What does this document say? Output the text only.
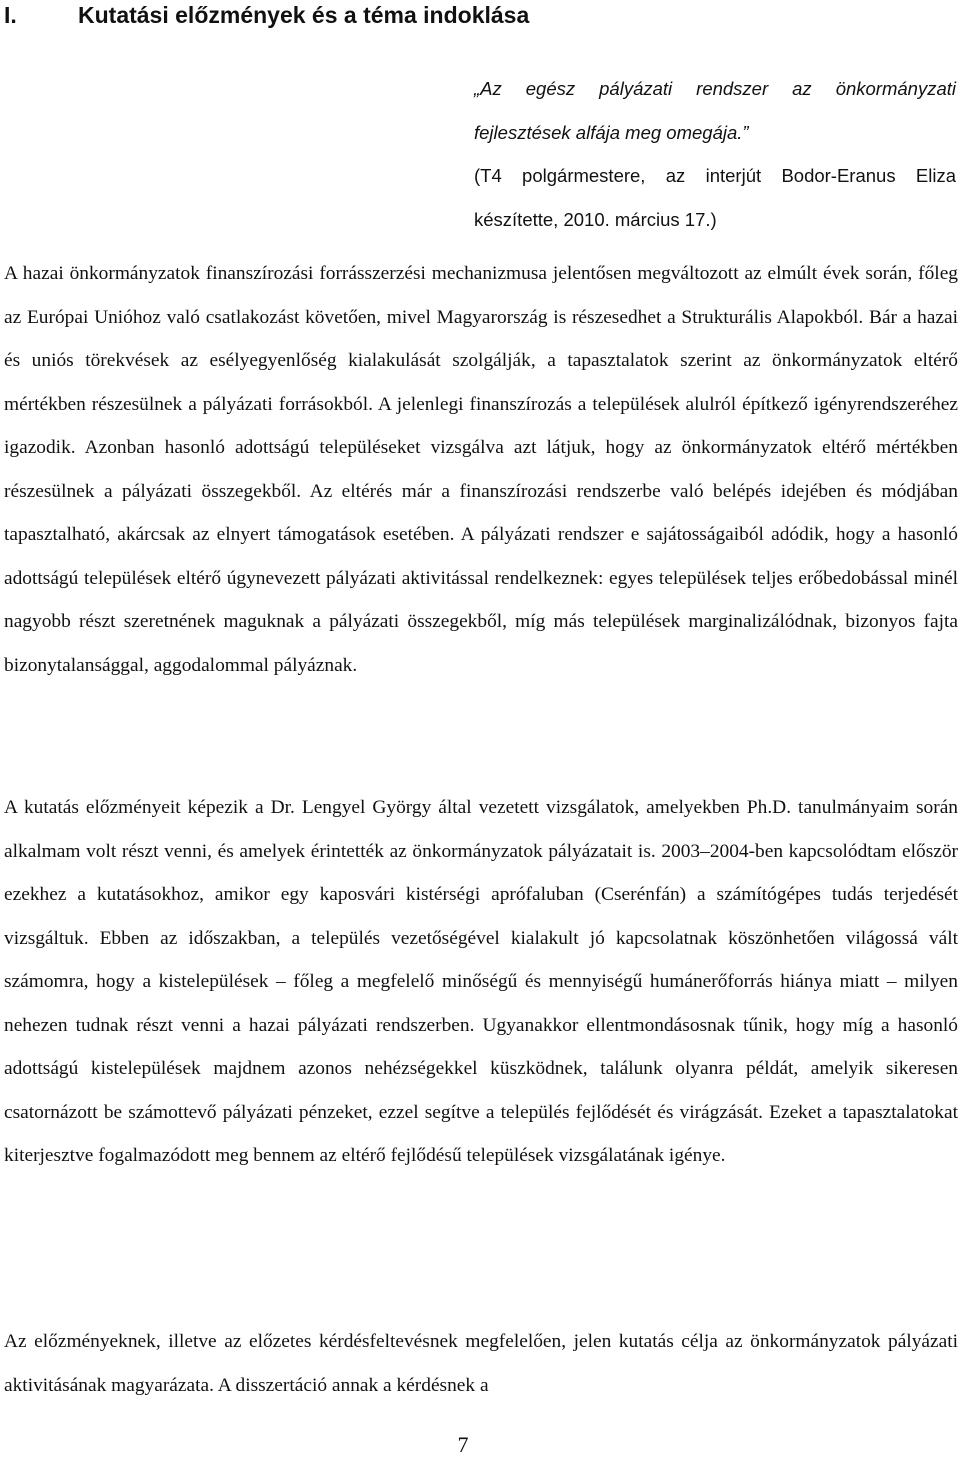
I.	Kutatási előzmények és a téma indoklása
„Az egész pályázati rendszer az önkormányzati fejlesztések alfája meg omegája.”
(T4 polgármestere, az interjút Bodor-Eranus Eliza készítette, 2010. március 17.)

A hazai önkormányzatok finanszírozási forrásszerzési mechanizmusa jelentősen megváltozott az elmúlt évek során, főleg az Európai Unióhoz való csatlakozást követően, mivel Magyarország is részesedhet a Strukturális Alapokból. Bár a hazai és uniós törekvések az esélyegyenlőség kialakulását szolgálják, a tapasztalatok szerint az önkormányzatok eltérő mértékben részesülnek a pályázati forrásokból. A jelenlegi finanszírozás a települések alulról építkező igényrendszeréhez igazodik. Azonban hasonló adottságú településeket vizsgálva azt látjuk, hogy az önkormányzatok eltérő mértékben részesülnek a pályázati összegekből. Az eltérés már a finanszírozási rendszerbe való belépés idejében és módjában tapasztalható, akárcsak az elnyert támogatások esetében. A pályázati rendszer e sajátosságaiból adódik, hogy a hasonló adottságú települések eltérő úgynevezett pályázati aktivitással rendelkeznek: egyes települések teljes erőbedobással minél nagyobb részt szeretnének maguknak a pályázati összegekből, míg más települések marginalizálódnak, bizonyos fajta bizonytalansággal, aggodalommal pályáznak.

A kutatás előzményeit képezik a Dr. Lengyel György által vezetett vizsgálatok, amelyekben Ph.D. tanulmányaim során alkalmam volt részt venni, és amelyek érintették az önkormányzatok pályázatait is. 2003–2004-ben kapcsolódtam először ezekhez a kutatásokhoz, amikor egy kaposvári kistérségi aprófaluban (Cserénfán) a számítógépes tudás terjedését vizsgáltuk. Ebben az időszakban, a település vezetőségével kialakult jó kapcsolatnak köszönhetően világossá vált számomra, hogy a kistelepülések – főleg a megfelelő minőségű és mennyiségű humánerőforrás hiánya miatt – milyen nehezen tudnak részt venni a hazai pályázati rendszerben. Ugyanakkor ellentmondásosnak tűnik, hogy míg a hasonló adottságú kistelepülések majdnem azonos nehézségekkel küszködnek, találunk olyanra példát, amelyik sikeresen csatornázott be számottevő pályázati pénzeket, ezzel segítve a település fejlődését és virágzását. Ezeket a tapasztalatokat kiterjesztve fogalmazódott meg bennem az eltérő fejlődésű települések vizsgálatának igénye.

Az előzményeknek, illetve az előzetes kérdésfeltevésnek megfelelően, jelen kutatás célja az önkormányzatok pályázati aktivitásának magyarázata. A disszertáció annak a kérdésnek a

7
